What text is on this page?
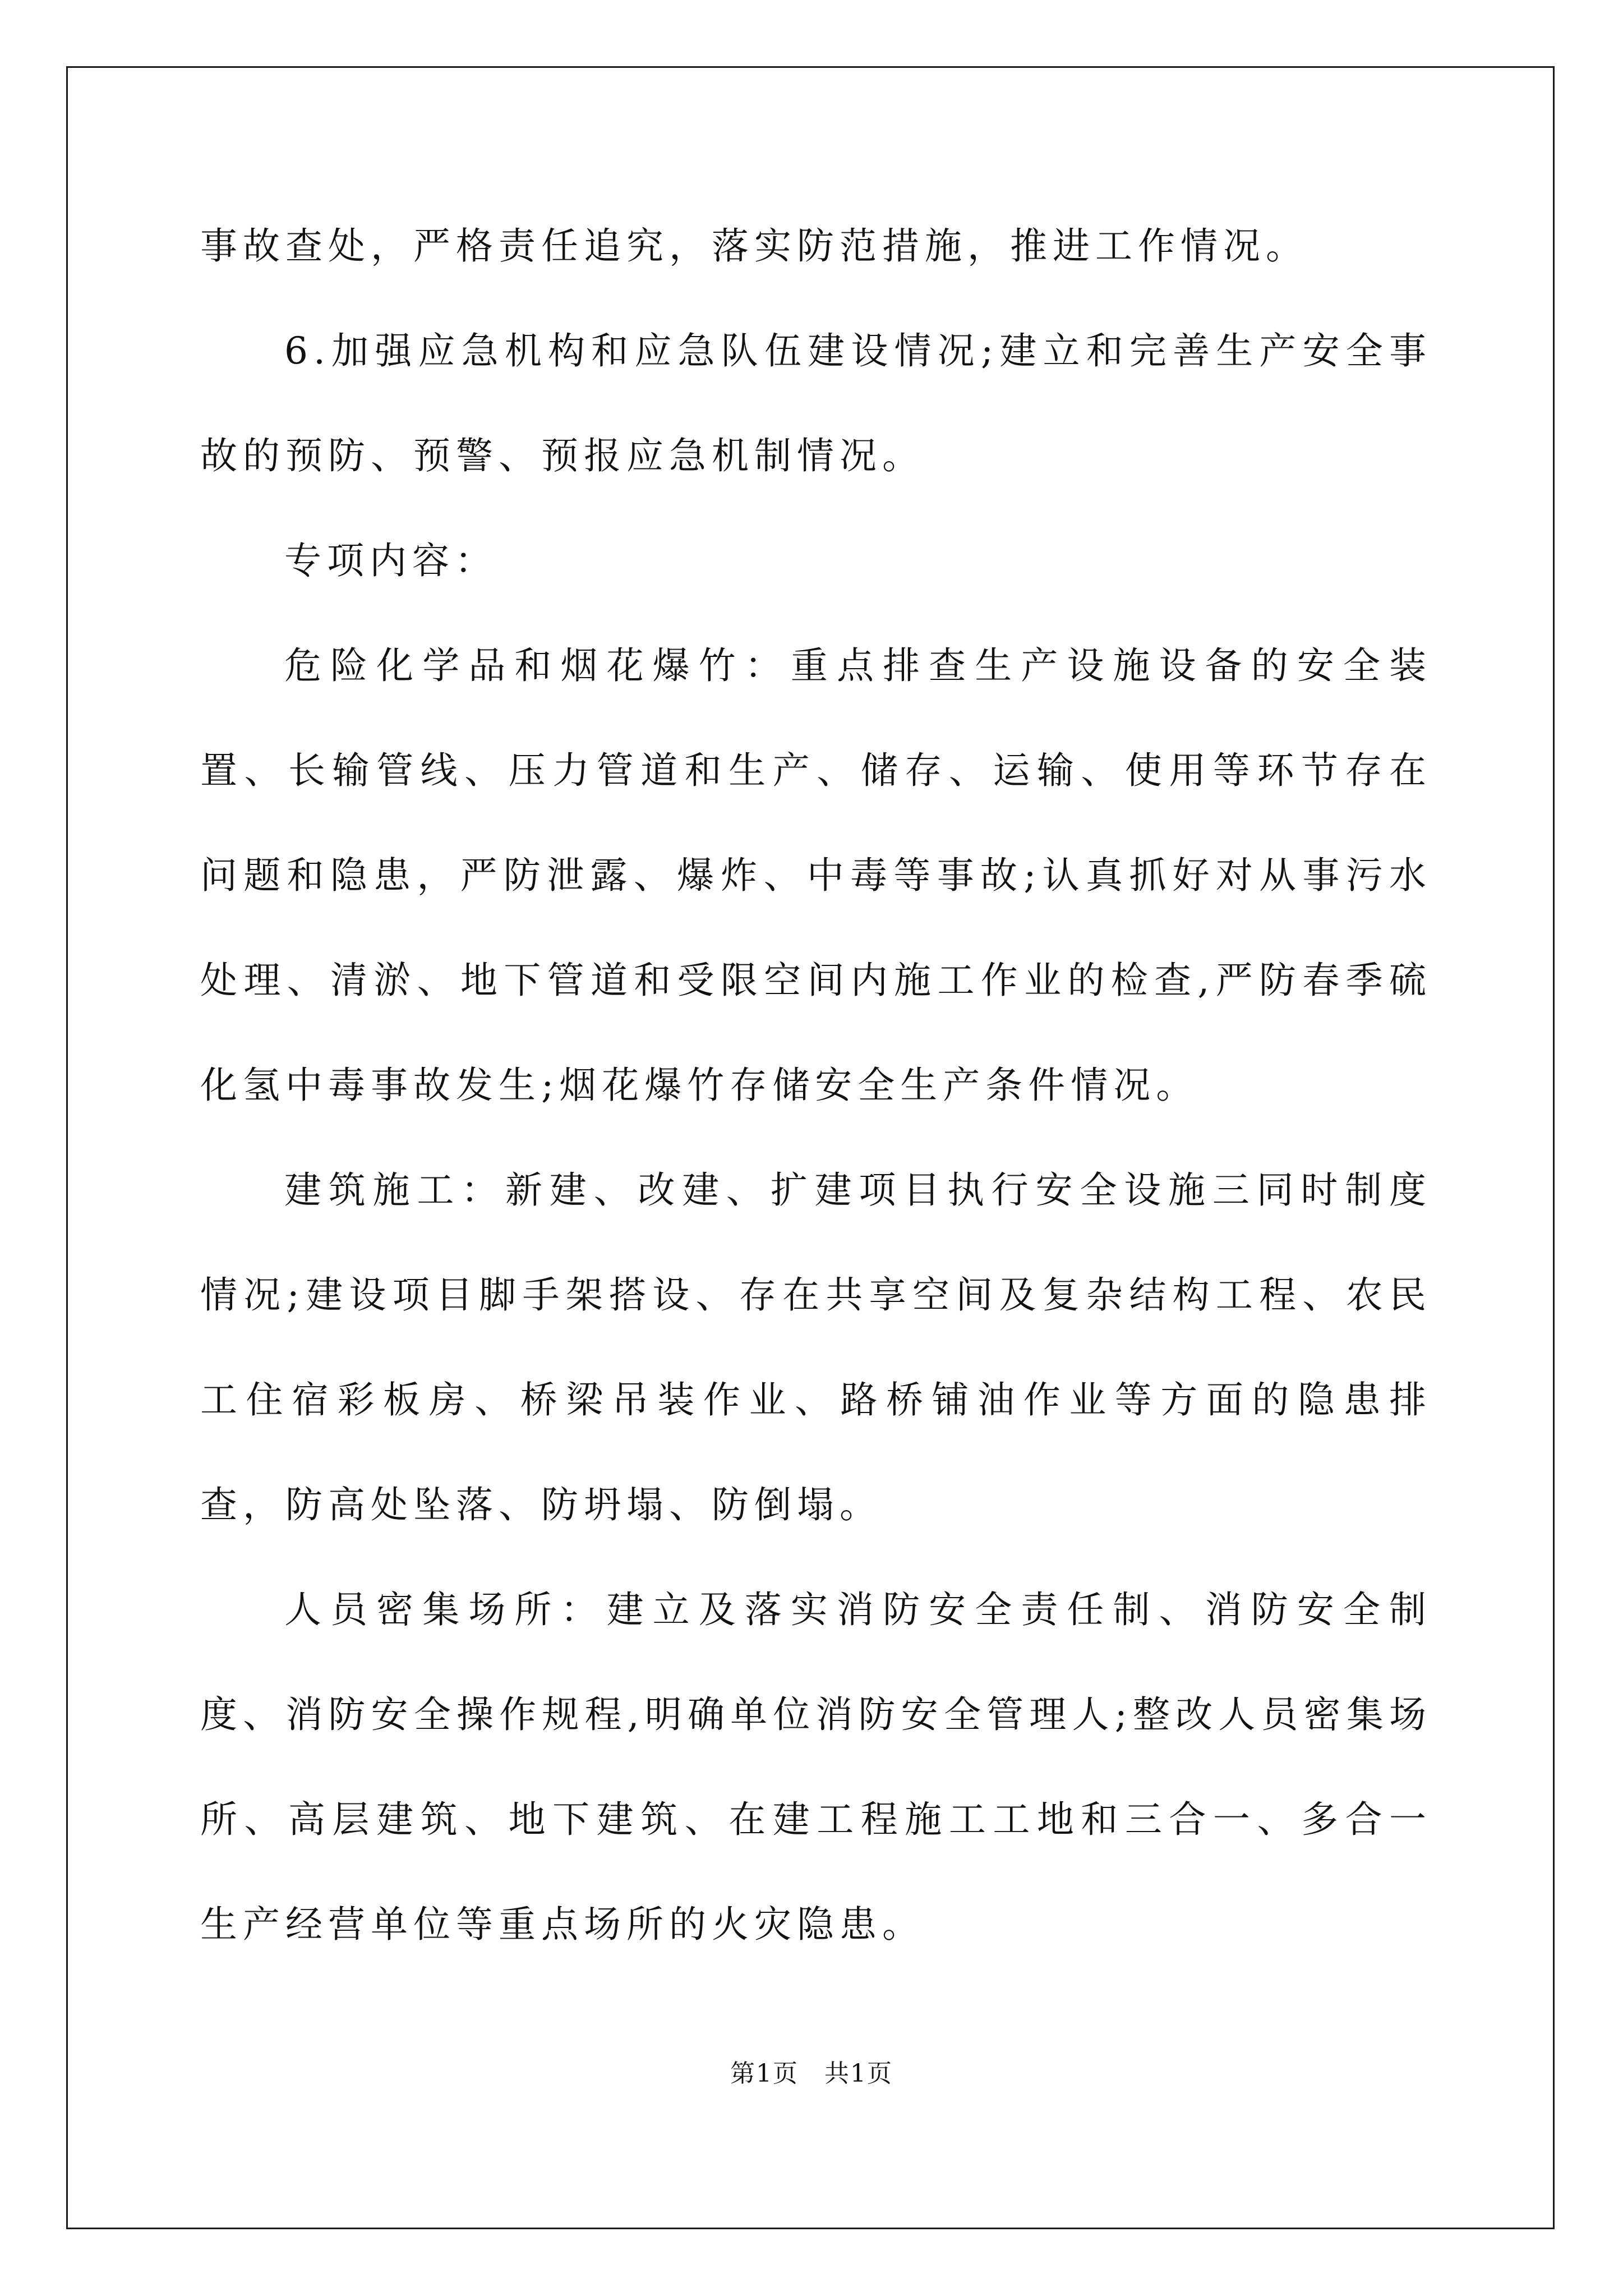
事故查处，严格责任追究，落实防范措施，推进工作情况。

6.加强应急机构和应急队伍建设情况;建立和完善生产安全事故的预防、预警、预报应急机制情况。

专项内容：

危险化学品和烟花爆竹：重点排查生产设施设备的安全装置、长输管线、压力管道和生产、储存、运输、使用等环节存在问题和隐患，严防泄露、爆炸、中毒等事故;认真抓好对从事污水处理、清淤、地下管道和受限空间内施工作业的检查,严防春季硫化氢中毒事故发生;烟花爆竹存储安全生产条件情况。

建筑施工：新建、改建、扩建项目执行安全设施三同时制度情况;建设项目脚手架搭设、存在共享空间及复杂结构工程、农民工住宿彩板房、桥梁吊装作业、路桥铺油作业等方面的隐患排查，防高处坠落、防坍塌、防倒塌。

人员密集场所：建立及落实消防安全责任制、消防安全制度、消防安全操作规程,明确单位消防安全管理人;整改人员密集场所、高层建筑、地下建筑、在建工程施工工地和三合一、多合一生产经营单位等重点场所的火灾隐患。

第1页　共1页
